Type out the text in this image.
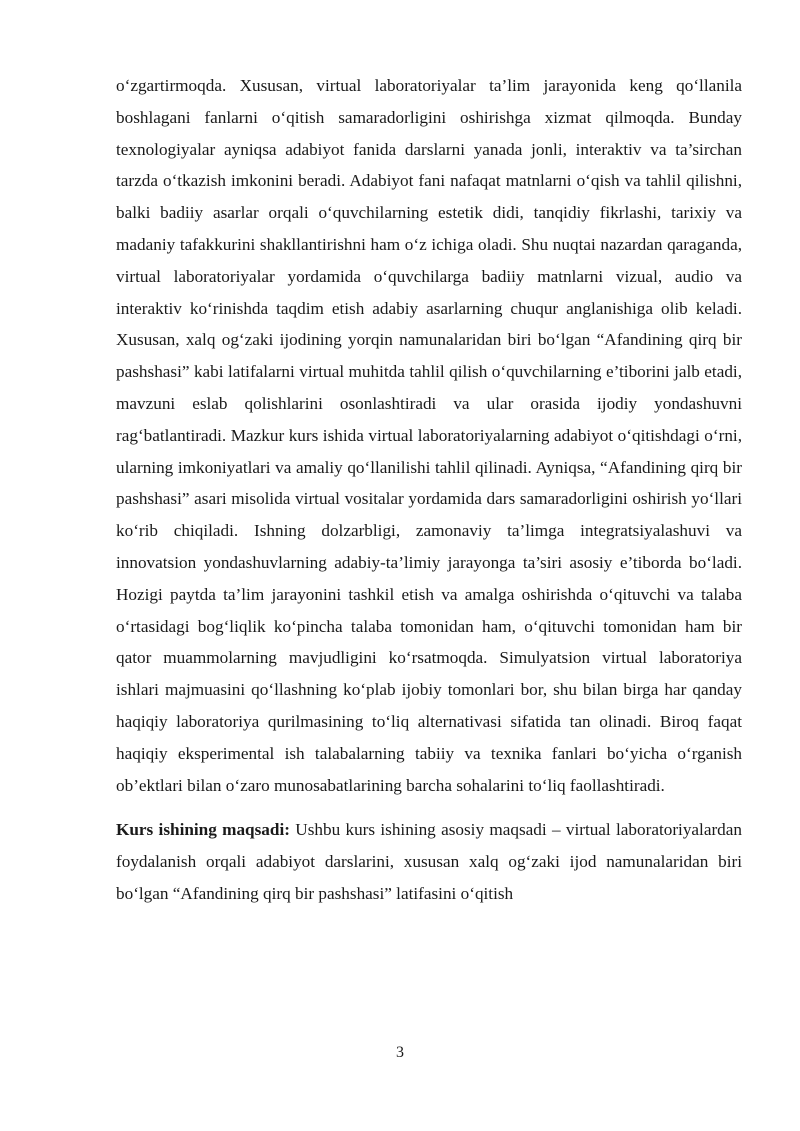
o‘zgartirmoqda. Xususan, virtual laboratoriyalar ta’lim jarayonida keng qo‘llanila boshlagani fanlarni o‘qitish samaradorligini oshirishga xizmat qilmoqda. Bunday texnologiyalar ayniqsa adabiyot fanida darslarni yanada jonli, interaktiv va ta’sirchan tarzda o‘tkazish imkonini beradi. Adabiyot fani nafaqat matnlarni o‘qish va tahlil qilishni, balki badiiy asarlar orqali o‘quvchilarning estetik didi, tanqidiy fikrlashi, tarixiy va madaniy tafakkurini shakllantirishni ham o‘z ichiga oladi. Shu nuqtai nazardan qaraganda, virtual laboratoriyalar yordamida o‘quvchilarga badiiy matnlarni vizual, audio va interaktiv ko‘rinishda taqdim etish adabiy asarlarning chuqur anglanishiga olib keladi. Xususan, xalq og‘zaki ijodining yorqin namunalaridan biri bo‘lgan “Afandining qirq bir pashshasi” kabi latifalarni virtual muhitda tahlil qilish o‘quvchilarning e’tiborini jalb etadi, mavzuni eslab qolishlarini osonlashtiradi va ular orasida ijodiy yondashuvni rag‘batlantiradi. Mazkur kurs ishida virtual laboratoriyalarning adabiyot o‘qitishdagi o‘rni, ularning imkoniyatlari va amaliy qo‘llanilishi tahlil qilinadi. Ayniqsa, “Afandining qirq bir pashshasi” asari misolida virtual vositalar yordamida dars samaradorligini oshirish yo‘llari ko‘rib chiqiladi. Ishning dolzarbligi, zamonaviy ta’limga integratsiyalashuvi va innovatsion yondashuvlarning adabiy-ta’limiy jarayonga ta’siri asosiy e’tiborda bo‘ladi. Hozigi paytda ta’lim jarayonini tashkil etish va amalga oshirishda o‘qituvchi va talaba o‘rtasidagi bog‘liqlik ko‘pincha talaba tomonidan ham, o‘qituvchi tomonidan ham bir qator muammolarning mavjudligini ko‘rsatmoqda. Simulyatsion virtual laboratoriya ishlari majmuasini qo‘llashning ko‘plab ijobiy tomonlari bor, shu bilan birga har qanday haqiqiy laboratoriya qurilmasining to‘liq alternativasi sifatida tan olinadi. Biroq faqat haqiqiy eksperimental ish talabalarning tabiiy va texnika fanlari bo‘yicha o‘rganish ob’ektlari bilan o‘zaro munosabatlarining barcha sohalarini to‘liq faollashtiradi.

Kurs ishining maqsadi: Ushbu kurs ishining asosiy maqsadi – virtual laboratoriyalardan foydalanish orqali adabiyot darslarini, xususan xalq og‘zaki ijod namunalaridan biri bo‘lgan “Afandining qirq bir pashshasi” latifasini o‘qitish

3
